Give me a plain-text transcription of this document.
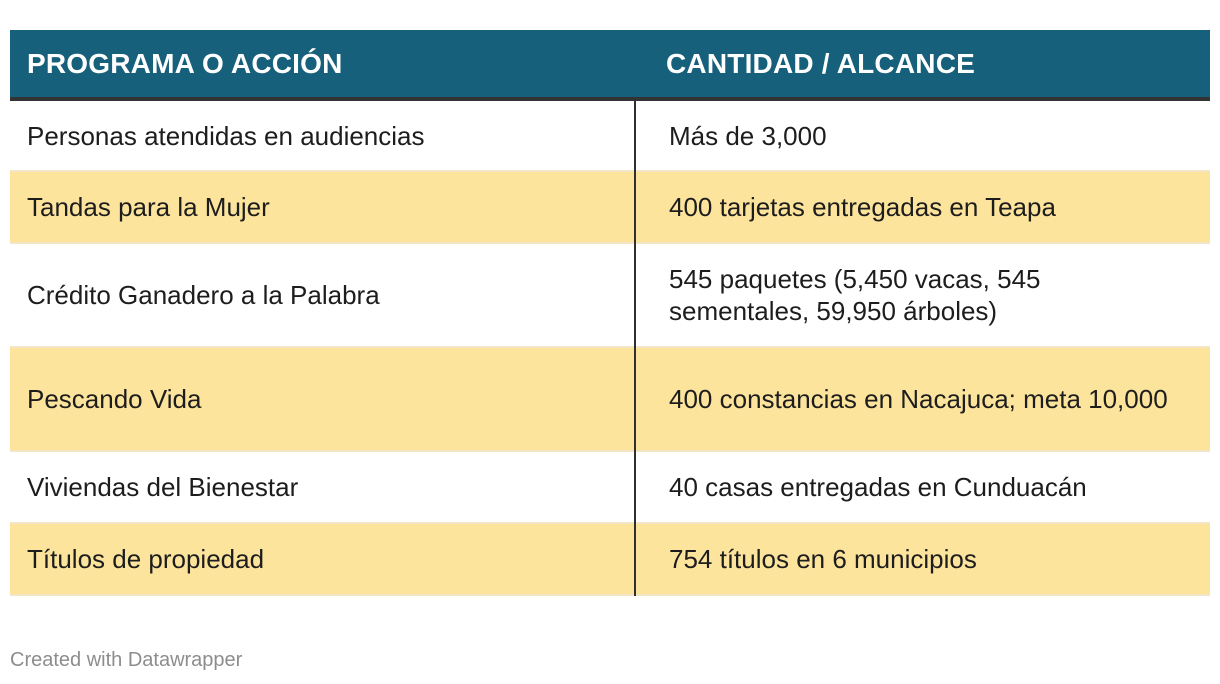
PROGRAMA O ACCIÓN	CANTIDAD / ALCANCE
Personas atendidas en audiencias	Más de 3,000
Tandas para la Mujer	400 tarjetas entregadas en Teapa
Crédito Ganadero a la Palabra	545 paquetes (5,450 vacas, 545 sementales, 59,950 árboles)
Pescando Vida	400 constancias en Nacajuca; meta 10,000
Viviendas del Bienestar	40 casas entregadas en Cunduacán
Títulos de propiedad	754 títulos en 6 municipios
Created with Datawrapper
